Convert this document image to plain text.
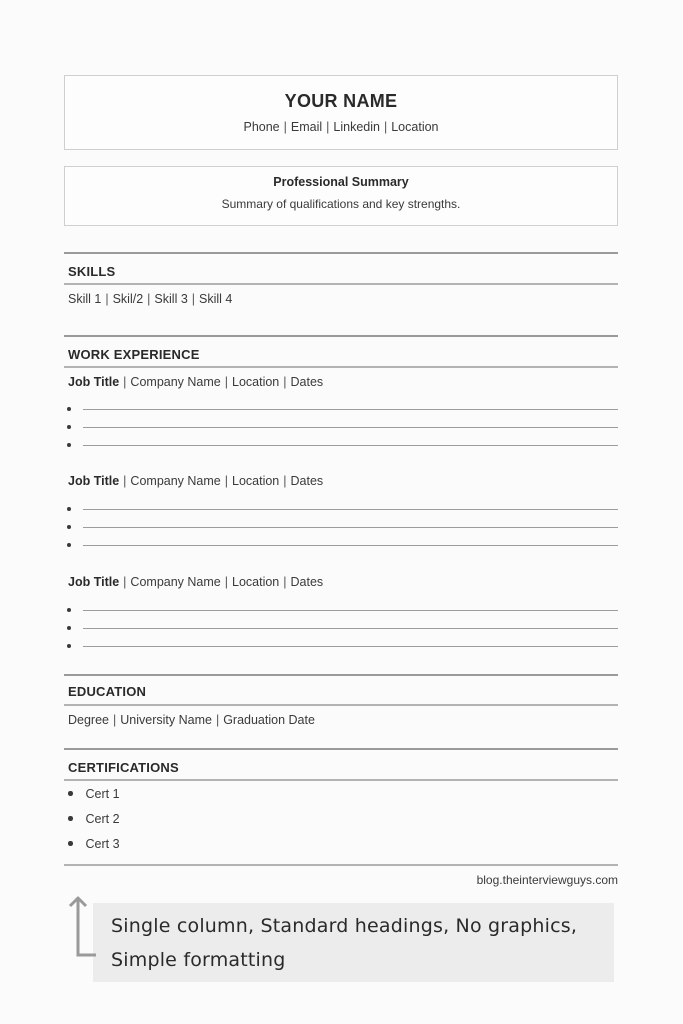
YOUR NAME
Phone | Email | Linkedin | Location
Professional Summary
Summary of qualifications and key strengths.
SKILLS
Skill 1 | Skil/2 | Skill 3 | Skill 4
WORK EXPERIENCE
Job Title | Company Name | Location | Dates
Job Title | Company Name | Location | Dates
Job Title | Company Name | Location | Dates
EDUCATION
Degree | University Name | Graduation Date
CERTIFICATIONS
Cert 1
Cert 2
Cert 3
blog.theinterviewguys.com
Single column, Standard headings, No graphics,
Simple formatting
